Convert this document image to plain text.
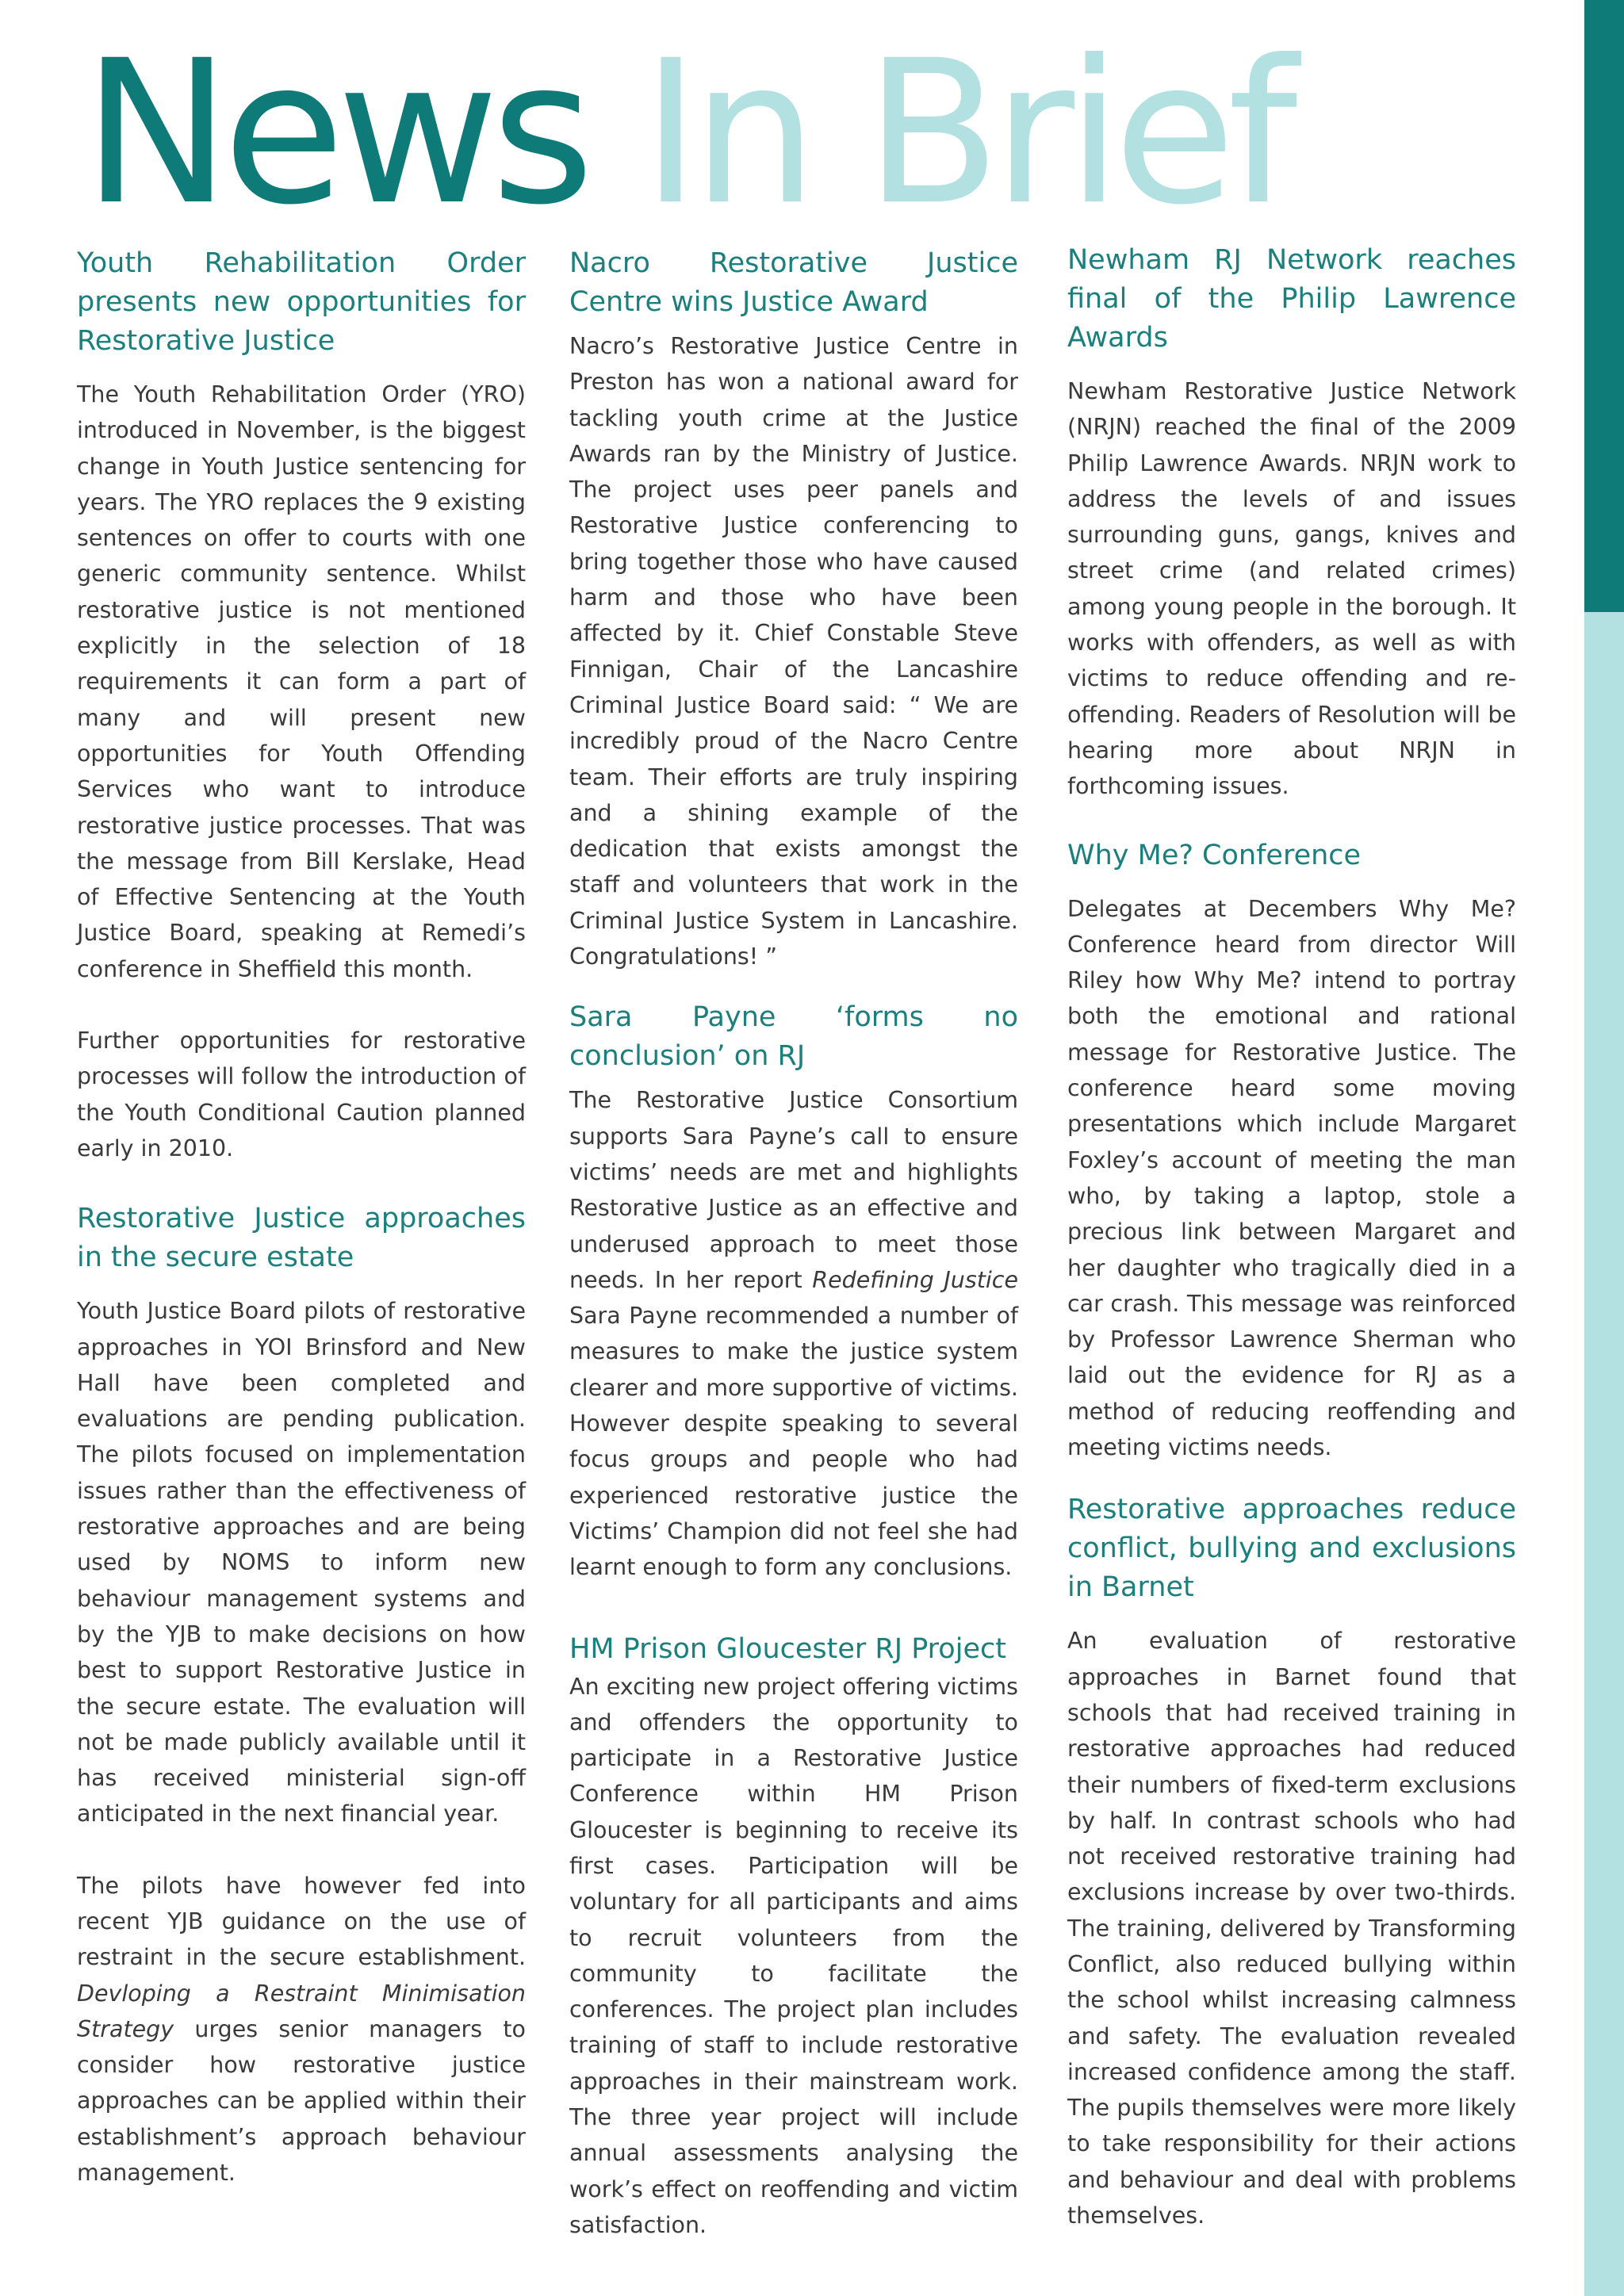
News In Brief
Youth Rehabilitation Order presents new opportunities for Restorative Justice

The Youth Rehabilitation Order (YRO) introduced in November, is the biggest change in Youth Justice sentencing for years. The YRO replaces the 9 existing sentences on offer to courts with one generic community sentence. Whilst restorative justice is not mentioned explicitly in the selection of 18 requirements it can form a part of many and will present new opportunities for Youth Offending Services who want to introduce restorative justice processes. That was the message from Bill Kerslake, Head of Effective Sentencing at the Youth Justice Board, speaking at Remedi’s conference in Sheffield this month.

Further opportunities for restorative processes will follow the introduction of the Youth Conditional Caution planned early in 2010.

Restorative Justice approaches in the secure estate

Youth Justice Board pilots of restorative approaches in YOI Brinsford and New Hall have been completed and evaluations are pending publication. The pilots focused on implementation issues rather than the effectiveness of restorative approaches and are being used by NOMS to inform new behaviour management systems and by the YJB to make decisions on how best to support Restorative Justice in the secure estate. The evaluation will not be made publicly available until it has received ministerial sign-off anticipated in the next financial year.

The pilots have however fed into recent YJB guidance on the use of restraint in the secure establishment. Devloping a Restraint Minimisation Strategy urges senior managers to consider how restorative justice approaches can be applied within their establishment’s approach behaviour management.

Nacro Restorative Justice Centre wins Justice Award

Nacro’s Restorative Justice Centre in Preston has won a national award for tackling youth crime at the Justice Awards ran by the Ministry of Justice. The project uses peer panels and Restorative Justice conferencing to bring together those who have caused harm and those who have been affected by it. Chief Constable Steve Finnigan, Chair of the Lancashire Criminal Justice Board said: “ We are incredibly proud of the Nacro Centre team. Their efforts are truly inspiring and a shining example of the dedication that exists amongst the staff and volunteers that work in the Criminal Justice System in Lancashire. Congratulations! ”

Sara Payne ‘forms no conclusion’ on RJ

The Restorative Justice Consortium supports Sara Payne’s call to ensure victims’ needs are met and highlights Restorative Justice as an effective and underused approach to meet those needs. In her report Redefining Justice Sara Payne recommended a number of measures to make the justice system clearer and more supportive of victims. However despite speaking to several focus groups and people who had experienced restorative justice the Victims’ Champion did not feel she had learnt enough to form any conclusions.

HM Prison Gloucester RJ Project

An exciting new project offering victims and offenders the opportunity to participate in a Restorative Justice Conference within HM Prison Gloucester is beginning to receive its first cases. Participation will be voluntary for all participants and aims to recruit volunteers from the community to facilitate the conferences. The project plan includes training of staff to include restorative approaches in their mainstream work. The three year project will include annual assessments analysing the work’s effect on reoffending and victim satisfaction.

Newham RJ Network reaches final of the Philip Lawrence Awards

Newham Restorative Justice Network (NRJN) reached the final of the 2009 Philip Lawrence Awards. NRJN work to address the levels of and issues surrounding guns, gangs, knives and street crime (and related crimes) among young people in the borough. It works with offenders, as well as with victims to reduce offending and re-offending. Readers of Resolution will be hearing more about NRJN in forthcoming issues.

Why Me? Conference

Delegates at Decembers Why Me? Conference heard from director Will Riley how Why Me? intend to portray both the emotional and rational message for Restorative Justice. The conference heard some moving presentations which include Margaret Foxley’s account of meeting the man who, by taking a laptop, stole a precious link between Margaret and her daughter who tragically died in a car crash. This message was reinforced by Professor Lawrence Sherman who laid out the evidence for RJ as a method of reducing reoffending and meeting victims needs.

Restorative approaches reduce conflict, bullying and exclusions in Barnet

An evaluation of restorative approaches in Barnet found that schools that had received training in restorative approaches had reduced their numbers of fixed-term exclusions by half. In contrast schools who had not received restorative training had exclusions increase by over two-thirds. The training, delivered by Transforming Conflict, also reduced bullying within the school whilst increasing calmness and safety. The evaluation revealed increased confidence among the staff. The pupils themselves were more likely to take responsibility for their actions and behaviour and deal with problems themselves.
